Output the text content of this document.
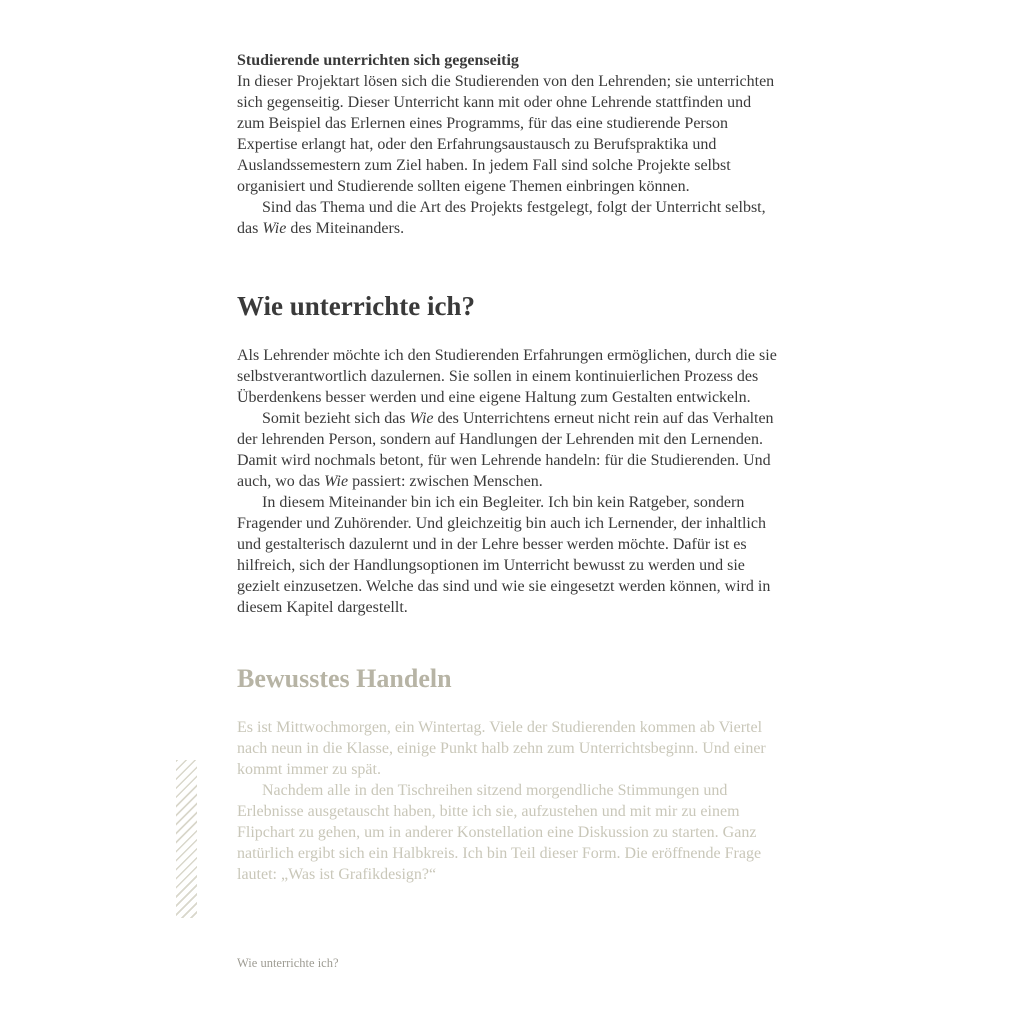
Studierende unterrichten sich gegenseitig

In dieser Projektart lösen sich die Studierenden von den Lehrenden; sie unterrichten sich gegenseitig. Dieser Unterricht kann mit oder ohne Lehrende stattfinden und zum Beispiel das Erlernen eines Programms, für das eine studierende Person Expertise erlangt hat, oder den Erfahrungsaustausch zu Berufspraktika und Auslandssemestern zum Ziel haben. In jedem Fall sind solche Projekte selbst organisiert und Studierende sollten eigene Themen einbringen können.

Sind das Thema und die Art des Projekts festgelegt, folgt der Unterricht selbst, das Wie des Miteinanders.

Wie unterrichte ich?

Als Lehrender möchte ich den Studierenden Erfahrungen ermöglichen, durch die sie selbstverantwortlich dazulernen. Sie sollen in einem kontinuierlichen Prozess des Überdenkens besser werden und eine eigene Haltung zum Gestalten entwickeln.

Somit bezieht sich das Wie des Unterrichtens erneut nicht rein auf das Verhalten der lehrenden Person, sondern auf Handlungen der Lehrenden mit den Lernenden. Damit wird nochmals betont, für wen Lehrende handeln: für die Studierenden. Und auch, wo das Wie passiert: zwischen Menschen.

In diesem Miteinander bin ich ein Begleiter. Ich bin kein Ratgeber, sondern Fragender und Zuhörender. Und gleichzeitig bin auch ich Lernender, der inhaltlich und gestalterisch dazulernt und in der Lehre besser werden möchte. Dafür ist es hilfreich, sich der Handlungsoptionen im Unterricht bewusst zu werden und sie gezielt einzusetzen. Welche das sind und wie sie eingesetzt werden können, wird in diesem Kapitel dargestellt.

Bewusstes Handeln

Es ist Mittwochmorgen, ein Wintertag. Viele der Studierenden kommen ab Viertel nach neun in die Klasse, einige Punkt halb zehn zum Unterrichtsbeginn. Und einer kommt immer zu spät.

Nachdem alle in den Tischreihen sitzend morgendliche Stimmungen und Erlebnisse ausgetauscht haben, bitte ich sie, aufzustehen und mit mir zu einem Flipchart zu gehen, um in anderer Konstellation eine Diskussion zu starten. Ganz natürlich ergibt sich ein Halbkreis. Ich bin Teil dieser Form. Die eröffnende Frage lautet: „Was ist Grafikdesign?“

Wie unterrichte ich?
